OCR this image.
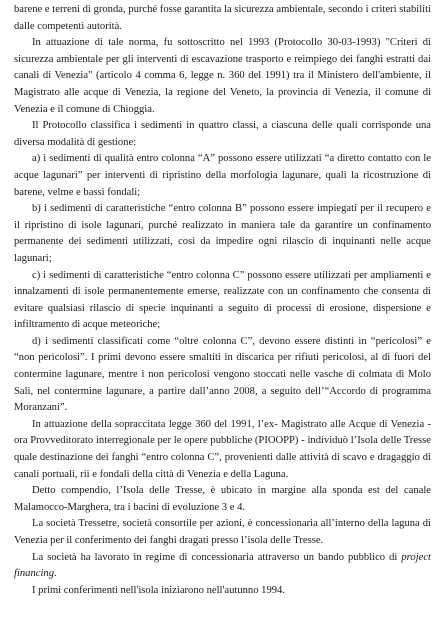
barene e terreni di gronda, purché fosse garantita la sicurezza ambientale, secondo i criteri stabiliti dalle competenti autorità.

In attuazione di tale norma, fu sottoscritto nel 1993 (Protocollo 30-03-1993) "Criteri di sicurezza ambientale per gli interventi di escavazione trasporto e reimpiego dei fanghi estratti dai canali di Venezia" (articolo 4 comma 6, legge n. 360 del 1991) tra il Ministero dell'ambiente, il Magistrato alle acque di Venezia, la regione del Veneto, la provincia di Venezia, il comune di Venezia e il comune di Chioggia.

Il Protocollo classifica i sedimenti in quattro classi, a ciascuna delle quali corrisponde una diversa modalità di gestione:

a) i sedimenti di qualità entro colonna “A” possono essere utilizzati “a diretto contatto con le acque lagunari” per interventi di ripristino della morfologia lagunare, quali la ricostruzione di barene, velme e bassi fondali;

b) i sedimenti di caratteristiche “entro colonna B” possono essere impiegati per il recupero e il ripristino di isole lagunari, purché realizzato in maniera tale da garantire un confinamento permanente dei sedimenti utilizzati, così da impedire ogni rilascio di inquinanti nelle acque lagunari;

c) i sedimenti di caratteristiche “entro colonna C” possono essere utilizzati per ampliamenti e innalzamenti di isole permanentemente emerse, realizzate con un confinamento che consenta di evitare qualsiasi rilascio di specie inquinanti a seguito di processi di erosione, dispersione e infiltramento di acque meteoriche;

d) i sedimenti classificati come “oltre colonna C”, devono essere distinti in “pericolosi” e “non pericolosi”. I primi devono essere smaltiti in discarica per rifiuti pericolosi, al di fuori del conterminе lagunare, mentre i non pericolosi vengono stoccati nelle vasche di colmata di Molo Sali, nel conterminе lagunare, a partire dall’anno 2008, a seguito dell’“Accordo di programma Moranzani”.

In attuazione della sopraccitata legge 360 del 1991, l’ex- Magistrato alle Acque di Venezia - ora Provveditorato interregionale per le opere pubbliche (PIOOPP) - individuò l’Isola delle Tresse quale destinazione dei fanghi “entro colonna C”, provenienti dalle attività di scavo e dragaggio di canali portuali, rii e fondali della città di Venezia e della Laguna.

Detto compendio, l’Isola delle Tresse, è ubicato in margine alla sponda est del canale Malamocco-Marghera, tra i bacini di evoluzione 3 e 4.

La società Tressetre, società consortile per azioni, è concessionaria all’interno della laguna di Venezia per il conferimento dei fanghi dragati presso l’isola delle Tresse.

La società ha lavorato in regime di concessionaria attraverso un bando pubblico di project financing.

I primi conferimenti nell'isola iniziarono nell'autunno 1994.
